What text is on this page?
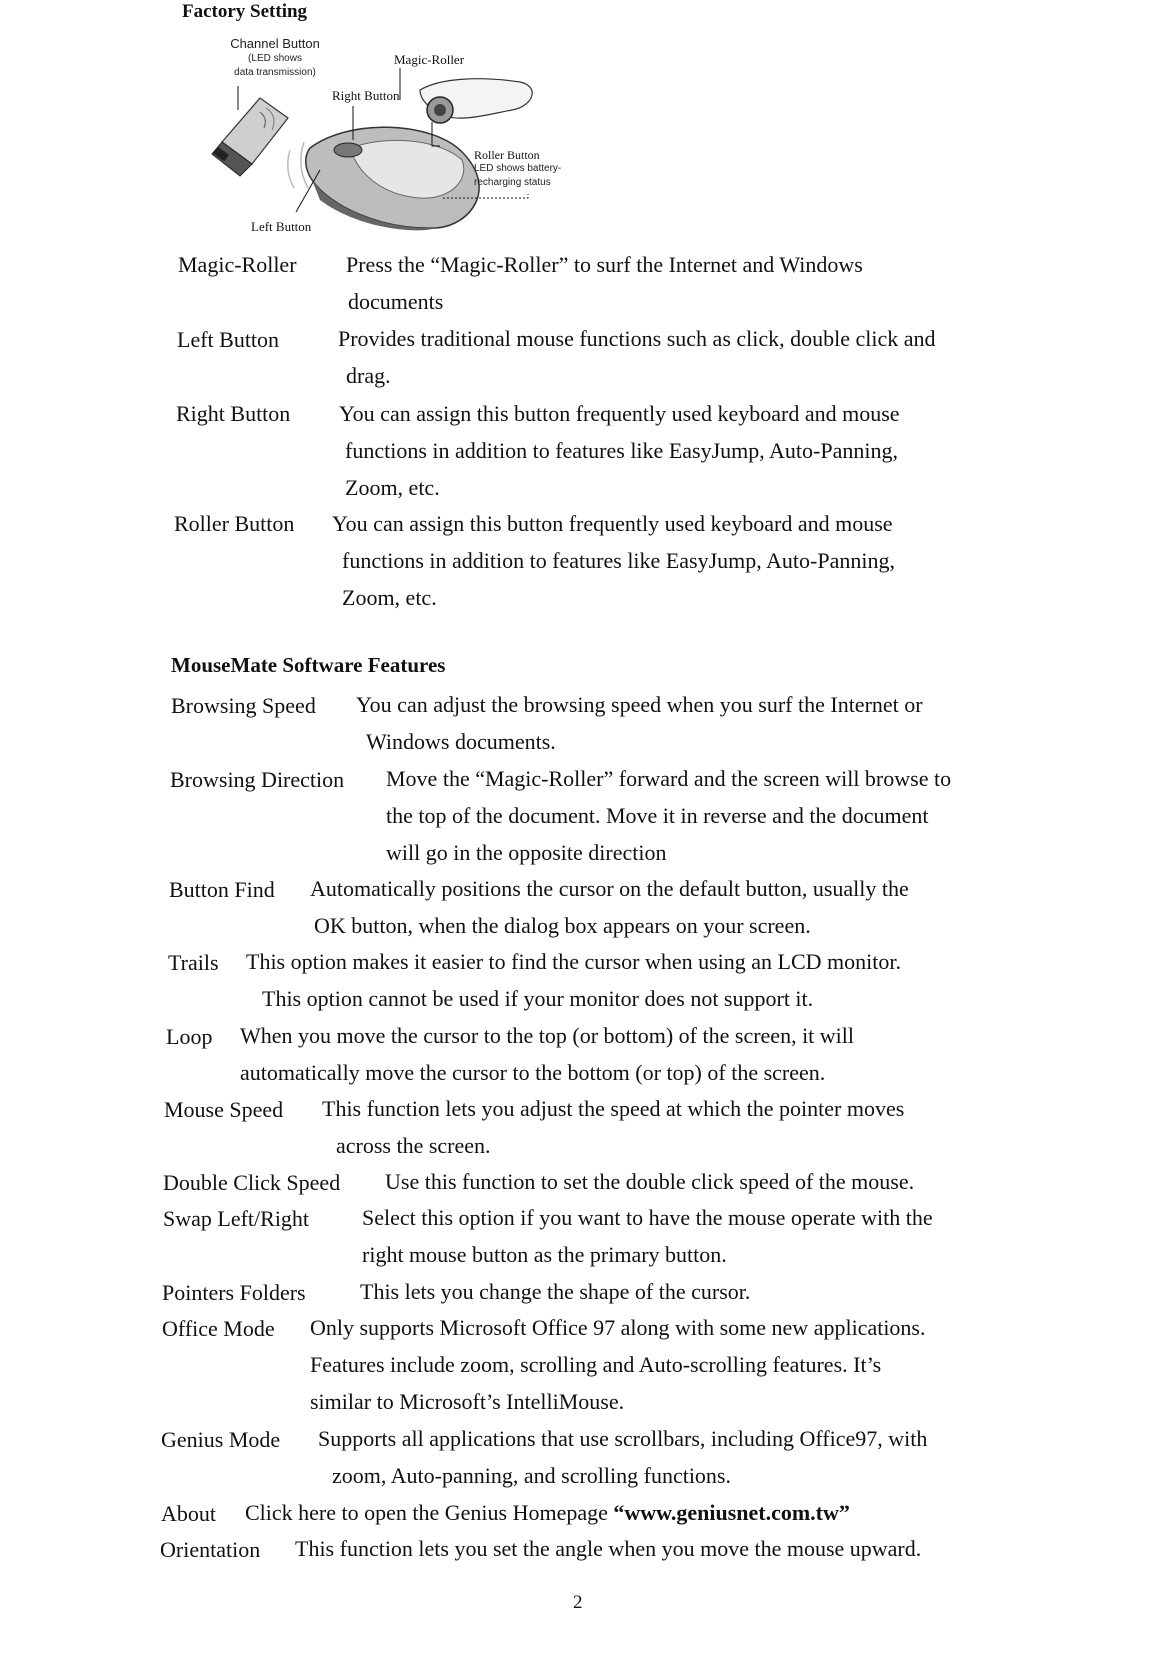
Factory Setting
Channel Button
(LED shows
data transmission)
Magic-Roller
Right Button
Roller Button
LED shows battery-
recharging status
Left Button
Magic-Roller Press the “Magic-Roller” to surf the Internet and Windows
documents
Left Button	Provides traditional mouse functions such as click, double click and
drag.
Right Button You can assign this button frequently used keyboard and mouse
functions in addition to features like EasyJump, Auto-Panning,
Zoom, etc.
Roller Button You can assign this button frequently used keyboard and mouse
functions in addition to features like EasyJump, Auto-Panning,
Zoom, etc.
MouseMate Software Features
Browsing Speed You can adjust the browsing speed when you surf the Internet or
Windows documents.
Browsing Direction Move the “Magic-Roller” forward and the screen will browse to
the top of the document. Move it in reverse and the document
will go in the opposite direction
Button Find Automatically positions the cursor on the default button, usually the
OK button, when the dialog box appears on your screen.
Trails This option makes it easier to find the cursor when using an LCD monitor.
This option cannot be used if your monitor does not support it.
Loop When you move the cursor to the top (or bottom) of the screen, it will
automatically move the cursor to the bottom (or top) of the screen.
Mouse Speed This function lets you adjust the speed at which the pointer moves
across the screen.
Double Click Speed Use this function to set the double click speed of the mouse.
Swap Left/Right Select this option if you want to have the mouse operate with the
right mouse button as the primary button.
Pointers Folders This lets you change the shape of the cursor.
Office Mode Only supports Microsoft Office 97 along with some new applications.
Features include zoom, scrolling and Auto-scrolling features. It’s
similar to Microsoft’s IntelliMouse.
Genius Mode Supports all applications that use scrollbars, including Office97, with
zoom, Auto-panning, and scrolling functions.
About Click here to open the Genius Homepage “www.geniusnet.com.tw”
Orientation This function lets you set the angle when you move the mouse upward.
2
